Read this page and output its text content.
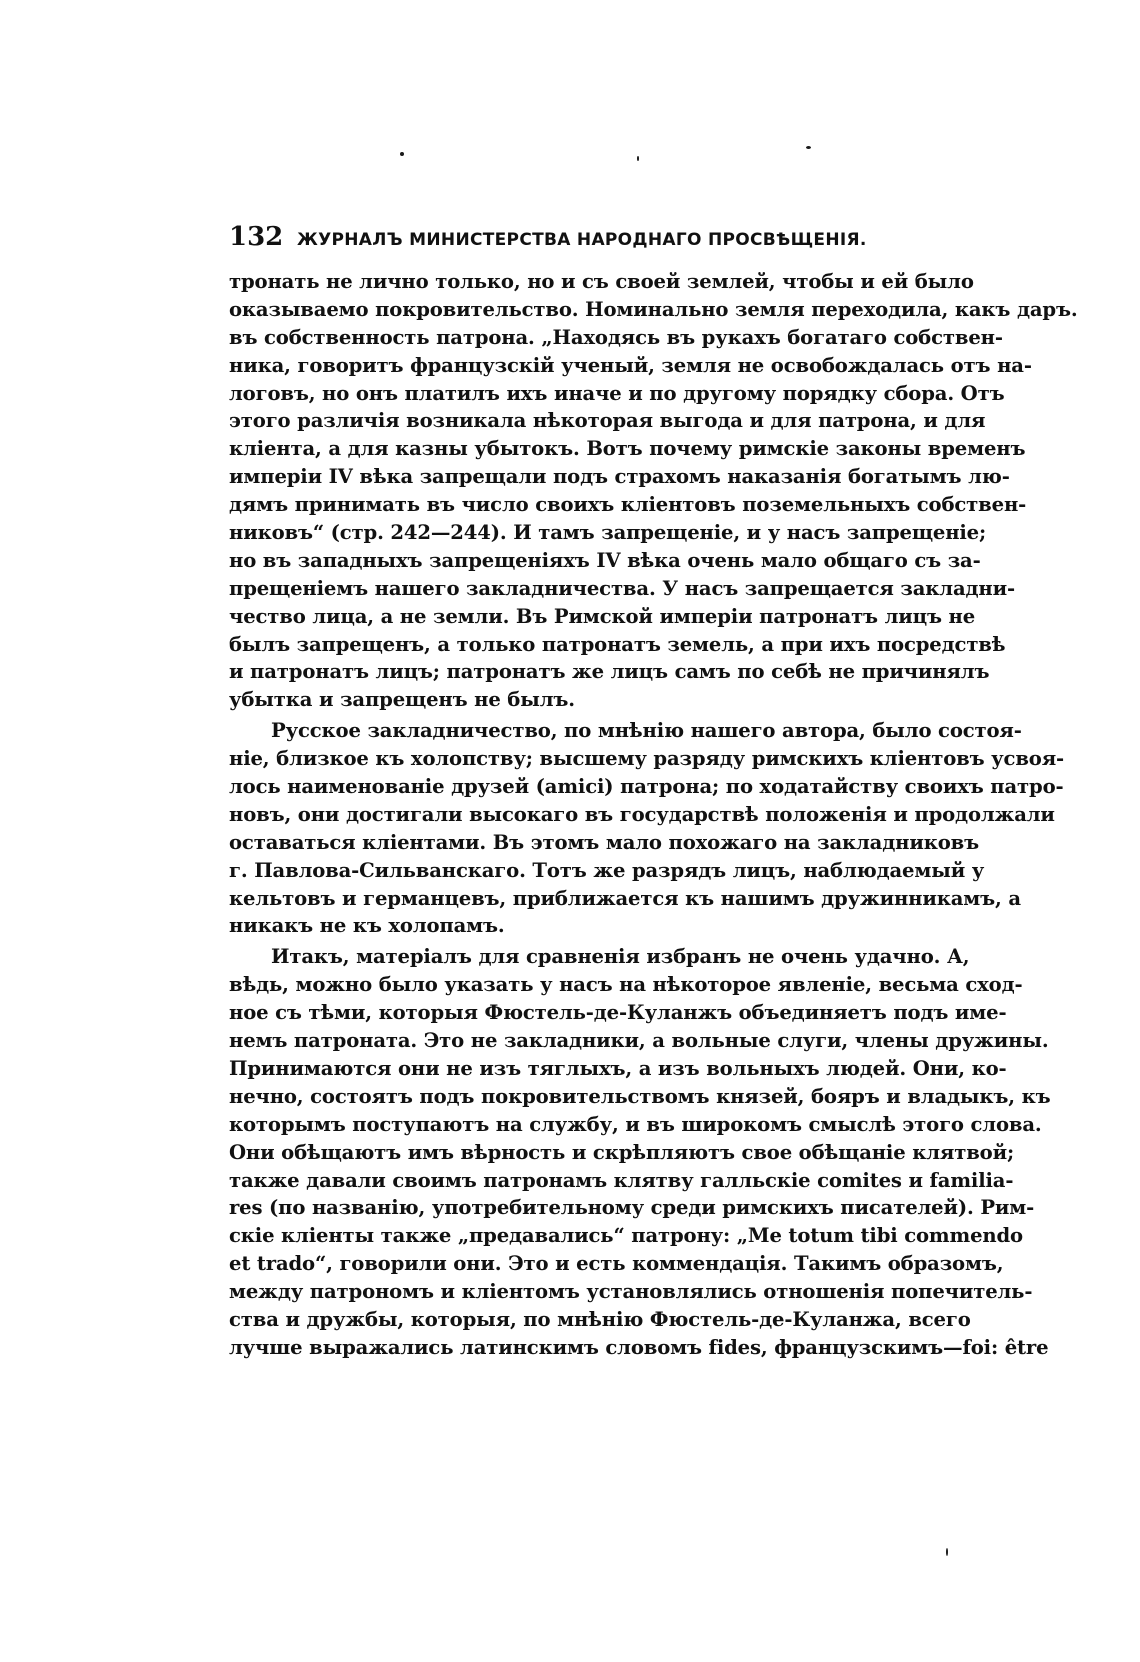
132 ЖУРНАЛЪ МИНИСТЕРСТВА НАРОДНАГО ПРОСВѢЩЕНІЯ.
тронать не лично только, но и съ своей землей, чтобы и ей было
оказываемо покровительство. Номинально земля переходила, какъ даръ.
въ собственность патрона. „Находясь въ рукахъ богатаго собствен-
ника, говоритъ французскій ученый, земля не освобождалась отъ на-
логовъ, но онъ платилъ ихъ иначе и по другому порядку сбора. Отъ
этого различія возникала нѣкоторая выгода и для патрона, и для
кліента, а для казны убытокъ. Вотъ почему римскіе законы временъ
имперіи IV вѣка запрещали подъ страхомъ наказанія богатымъ лю-
дямъ принимать въ число своихъ кліентовъ поземельныхъ собствен-
никовъ“ (стр. 242—244). И тамъ запрещеніе, и у насъ запрещеніе;
но въ западныхъ запрещеніяхъ IV вѣка очень мало общаго съ за-
прещеніемъ нашего закладничества. У насъ запрещается закладни-
чество лица, а не земли. Въ Римской имперіи патронатъ лицъ не
былъ запрещенъ, а только патронатъ земель, а при ихъ посредствѣ
и патронатъ лицъ; патронатъ же лицъ самъ по себѣ не причинялъ
убытка и запрещенъ не былъ.
Русское закладничество, по мнѣнію нашего автора, было состоя-
ніе, близкое къ холопству; высшему разряду римскихъ кліентовъ усвоя-
лось наименованіе друзей (amici) патрона; по ходатайству своихъ патро-
новъ, они достигали высокаго въ государствѣ положенія и продолжали
оставаться кліентами. Въ этомъ мало похожаго на закладниковъ
г. Павлова-Сильванскаго. Тотъ же разрядъ лицъ, наблюдаемый у
кельтовъ и германцевъ, приближается къ нашимъ дружинникамъ, а
никакъ не къ холопамъ.
Итакъ, матеріалъ для сравненія избранъ не очень удачно. А,
вѣдь, можно было указать у насъ на нѣкоторое явленіе, весьма сход-
ное съ тѣми, которыя Фюстель-де-Куланжъ объединяетъ подъ име-
немъ патроната. Это не закладники, а вольные слуги, члены дружины.
Принимаются они не изъ тяглыхъ, а изъ вольныхъ людей. Они, ко-
нечно, состоятъ подъ покровительствомъ князей, бояръ и владыкъ, къ
которымъ поступаютъ на службу, и въ широкомъ смыслѣ этого слова.
Они обѣщаютъ имъ вѣрность и скрѣпляютъ свое обѣщаніе клятвой;
также давали своимъ патронамъ клятву галльскіе comites и familia-
res (по названію, употребительному среди римскихъ писателей). Рим-
скіе кліенты также „предавались“ патрону: „Me totum tibi commendo
et trado“, говорили они. Это и есть коммендація. Такимъ образомъ,
между патрономъ и кліентомъ установлялись отношенія попечитель-
ства и дружбы, которыя, по мнѣнію Фюстель-де-Куланжа, всего
лучше выражались латинскимъ словомъ fides, французскимъ—foi: être
